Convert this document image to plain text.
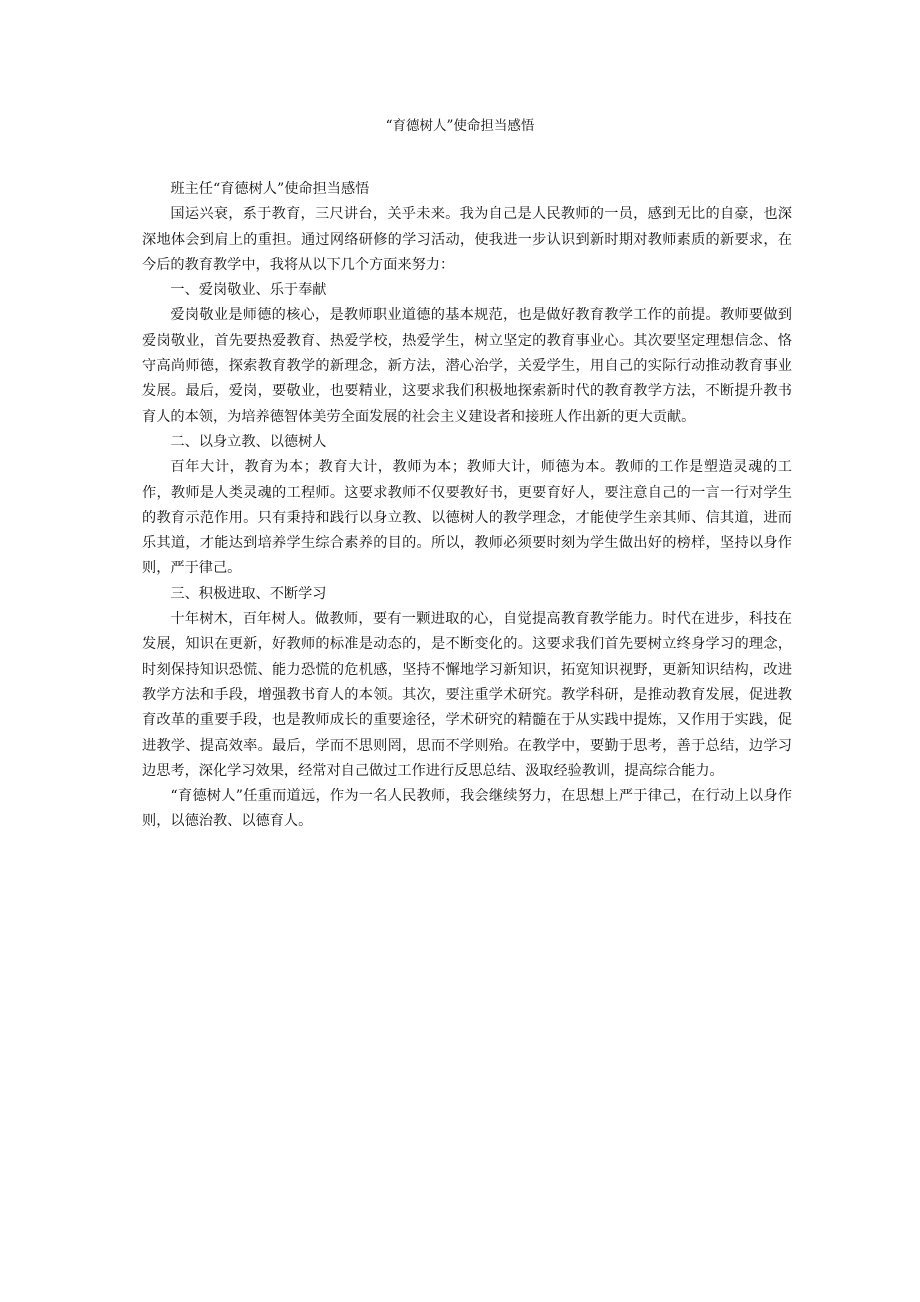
“育德树人”使命担当感悟

班主任“育德树人”使命担当感悟

国运兴衰，系于教育，三尺讲台，关乎未来。我为自己是人民教师的一员，感到无比的自豪，也深深地体会到肩上的重担。通过网络研修的学习活动，使我进一步认识到新时期对教师素质的新要求，在今后的教育教学中，我将从以下几个方面来努力：

一、爱岗敬业、乐于奉献

爱岗敬业是师德的核心，是教师职业道德的基本规范，也是做好教育教学工作的前提。教师要做到爱岗敬业，首先要热爱教育、热爱学校，热爱学生，树立坚定的教育事业心。其次要坚定理想信念、恪守高尚师德，探索教育教学的新理念，新方法，潜心治学，关爱学生，用自己的实际行动推动教育事业发展。最后，爱岗，要敬业，也要精业，这要求我们积极地探索新时代的教育教学方法，不断提升教书育人的本领，为培养德智体美劳全面发展的社会主义建设者和接班人作出新的更大贡献。

二、以身立教、以德树人

百年大计，教育为本；教育大计，教师为本；教师大计，师德为本。教师的工作是塑造灵魂的工作，教师是人类灵魂的工程师。这要求教师不仅要教好书，更要育好人，要注意自己的一言一行对学生的教育示范作用。只有秉持和践行以身立教、以德树人的教学理念，才能使学生亲其师、信其道，进而乐其道，才能达到培养学生综合素养的目的。所以，教师必须要时刻为学生做出好的榜样，坚持以身作则，严于律己。

三、积极进取、不断学习

十年树木，百年树人。做教师，要有一颗进取的心，自觉提高教育教学能力。时代在进步，科技在发展，知识在更新，好教师的标准是动态的，是不断变化的。这要求我们首先要树立终身学习的理念，时刻保持知识恐慌、能力恐慌的危机感，坚持不懈地学习新知识，拓宽知识视野，更新知识结构，改进教学方法和手段，增强教书育人的本领。其次，要注重学术研究。教学科研，是推动教育发展，促进教育改革的重要手段，也是教师成长的重要途径，学术研究的精髓在于从实践中提炼，又作用于实践，促进教学、提高效率。最后，学而不思则罔，思而不学则殆。在教学中，要勤于思考，善于总结，边学习边思考，深化学习效果，经常对自己做过工作进行反思总结、汲取经验教训，提高综合能力。

“育德树人”任重而道远，作为一名人民教师，我会继续努力，在思想上严于律己，在行动上以身作则，以德治教、以德育人。
